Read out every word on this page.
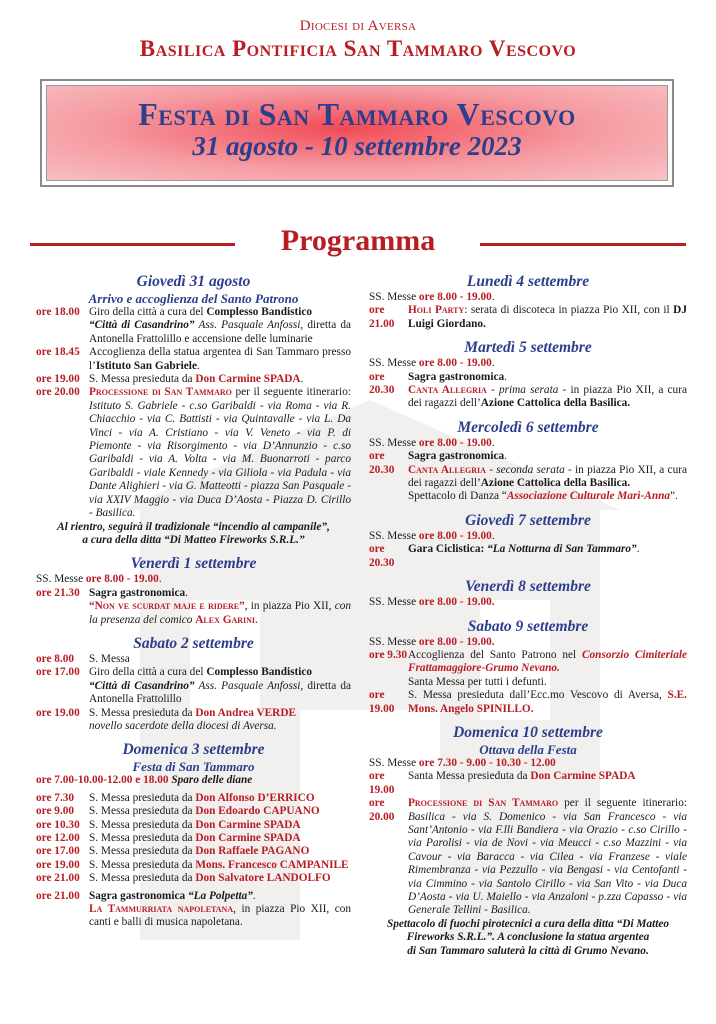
Diocesi di Aversa
Basilica Pontificia San Tammaro Vescovo
Festa di San Tammaro Vescovo
31 agosto - 10 settembre 2023
Programma
Giovedì 31 agosto
Arrivo e accoglienza del Santo Patrono
ore 18.00 Giro della città a cura del Complesso Bandistico
“Città di Casandrino” Ass. Pasquale Anfossi, diretta da Antonella Frattolillo e accensione delle luminarie
ore 18.45 Accoglienza della statua argentea di San Tammaro presso l’Istituto San Gabriele.
ore 19.00 S. Messa presieduta da Don Carmine SPADA.
ore 20.00 Processione di San Tammaro per il seguente itinerario: Istituto S. Gabriele - c.so Garibaldi - via Roma - via R. Chiacchio - via C. Battisti - via Quintavalle - via L. Da Vinci - via A. Cristiano - via V. Veneto - via P. di Piemonte - via Risorgimento - via D’Annunzio - c.so Garibaldi - via A. Volta - via M. Buonarroti - parco Garibaldi - viale Kennedy - via Giliola - via Padula - via Dante Alighieri - via G. Matteotti - piazza San Pasquale - via XXIV Maggio - via Duca D’Aosta - Piazza D. Cirillo - Basilica.
Al rientro, seguirà il tradizionale “incendio al campanile”,
a cura della ditta “Di Matteo Fireworks S.R.L.”
Venerdì 1 settembre
SS. Messe ore 8.00 - 19.00.
ore 21.30 Sagra gastronomica.
“Non ve scurdat maje e ridere”, in piazza Pio XII, con la presenza del comico Alex Garini.
Sabato 2 settembre
ore 8.00	S. Messa
ore 17.00 Giro della città a cura del Complesso Bandistico
“Città di Casandrino” Ass. Pasquale Anfossi, diretta da Antonella Frattolillo
ore 19.00 S. Messa presieduta da Don Andrea VERDE
novello sacerdote della diocesi di Aversa.
Domenica 3 settembre
Festa di San Tammaro
ore 7.00-10.00-12.00 e 18.00 Sparo delle diane
ore 7.30	S. Messa presieduta da Don Alfonso D’ERRICO
ore 9.00	S. Messa presieduta da Don Edoardo CAPUANO
ore 10.30 S. Messa presieduta da Don Carmine SPADA
ore 12.00 S. Messa presieduta da Don Carmine SPADA
ore 17.00 S. Messa presieduta da Don Raffaele PAGANO
ore 19.00 S. Messa presieduta da Mons. Francesco CAMPANILE
ore 21.00 S. Messa presieduta da Don Salvatore LANDOLFO
ore 21.00 Sagra gastronomica “La Polpetta”.
La Tammurriata napoletana, in piazza Pio XII, con canti e balli di musica napoletana.
Lunedì 4 settembre
SS. Messe ore 8.00 - 19.00.
ore 21.00
Holi Party: serata di discoteca in piazza Pio XII, con il DJ Luigi Giordano.
Martedì 5 settembre
SS. Messe ore 8.00 - 19.00.
ore 20.30
Sagra gastronomica.
Canta Allegria - prima serata - in piazza Pio XII, a cura dei ragazzi dell’Azione Cattolica della Basilica.
Mercoledì 6 settembre
SS. Messe ore 8.00 - 19.00.
ore 20.30
Sagra gastronomica.
Canta Allegria - seconda serata - in piazza Pio XII, a cura dei ragazzi dell’Azione Cattolica della Basilica.
Spettacolo di Danza “Associazione Culturale Marì-Anna”.
Giovedì 7 settembre
SS. Messe ore 8.00 - 19.00.
ore 20.30
Gara Ciclistica: “La Notturna di San Tammaro”.
Venerdì 8 settembre
SS. Messe ore 8.00 - 19.00.
Sabato 9 settembre
SS. Messe ore 8.00 - 19.00.
ore 9.30 Accoglienza del Santo Patrono nel Consorzio Cimiteriale Frattamaggiore-Grumo Nevano.
Santa Messa per tutti i defunti.
ore 19.00
S. Messa presieduta dall’Ecc.mo Vescovo di Aversa, S.E. Mons. Angelo SPINILLO.
Domenica 10 settembre
Ottava della Festa
SS. Messe ore 7.30 - 9.00 - 10.30 - 12.00
ore 19.00
Santa Messa presieduta da Don Carmine SPADA
ore 20.00
Processione di San Tammaro per il seguente itinerario: Basilica - via S. Domenico - via San Francesco - via Sant’Antonio - via F.lli Bandiera - via Orazio - c.so Cirillo - via Parolisi - via de Novi - via Meucci - c.so Mazzini - via Cavour - via Baracca - via Cilea - via Franzese - viale Rimembranza - via Pezzullo - via Bengasi - via Centofanti - via Cimmino - via Santolo Cirillo - via San Vito - via Duca D’Aosta - via U. Maiello - via Anzaloni - p.zza Capasso - via Generale Tellini - Basilica.
Spettacolo di fuochi pirotecnici a cura della ditta “Di Matteo
Fireworks S.R.L.”. A conclusione la statua argentea
di San Tammaro saluterà la città di Grumo Nevano.
